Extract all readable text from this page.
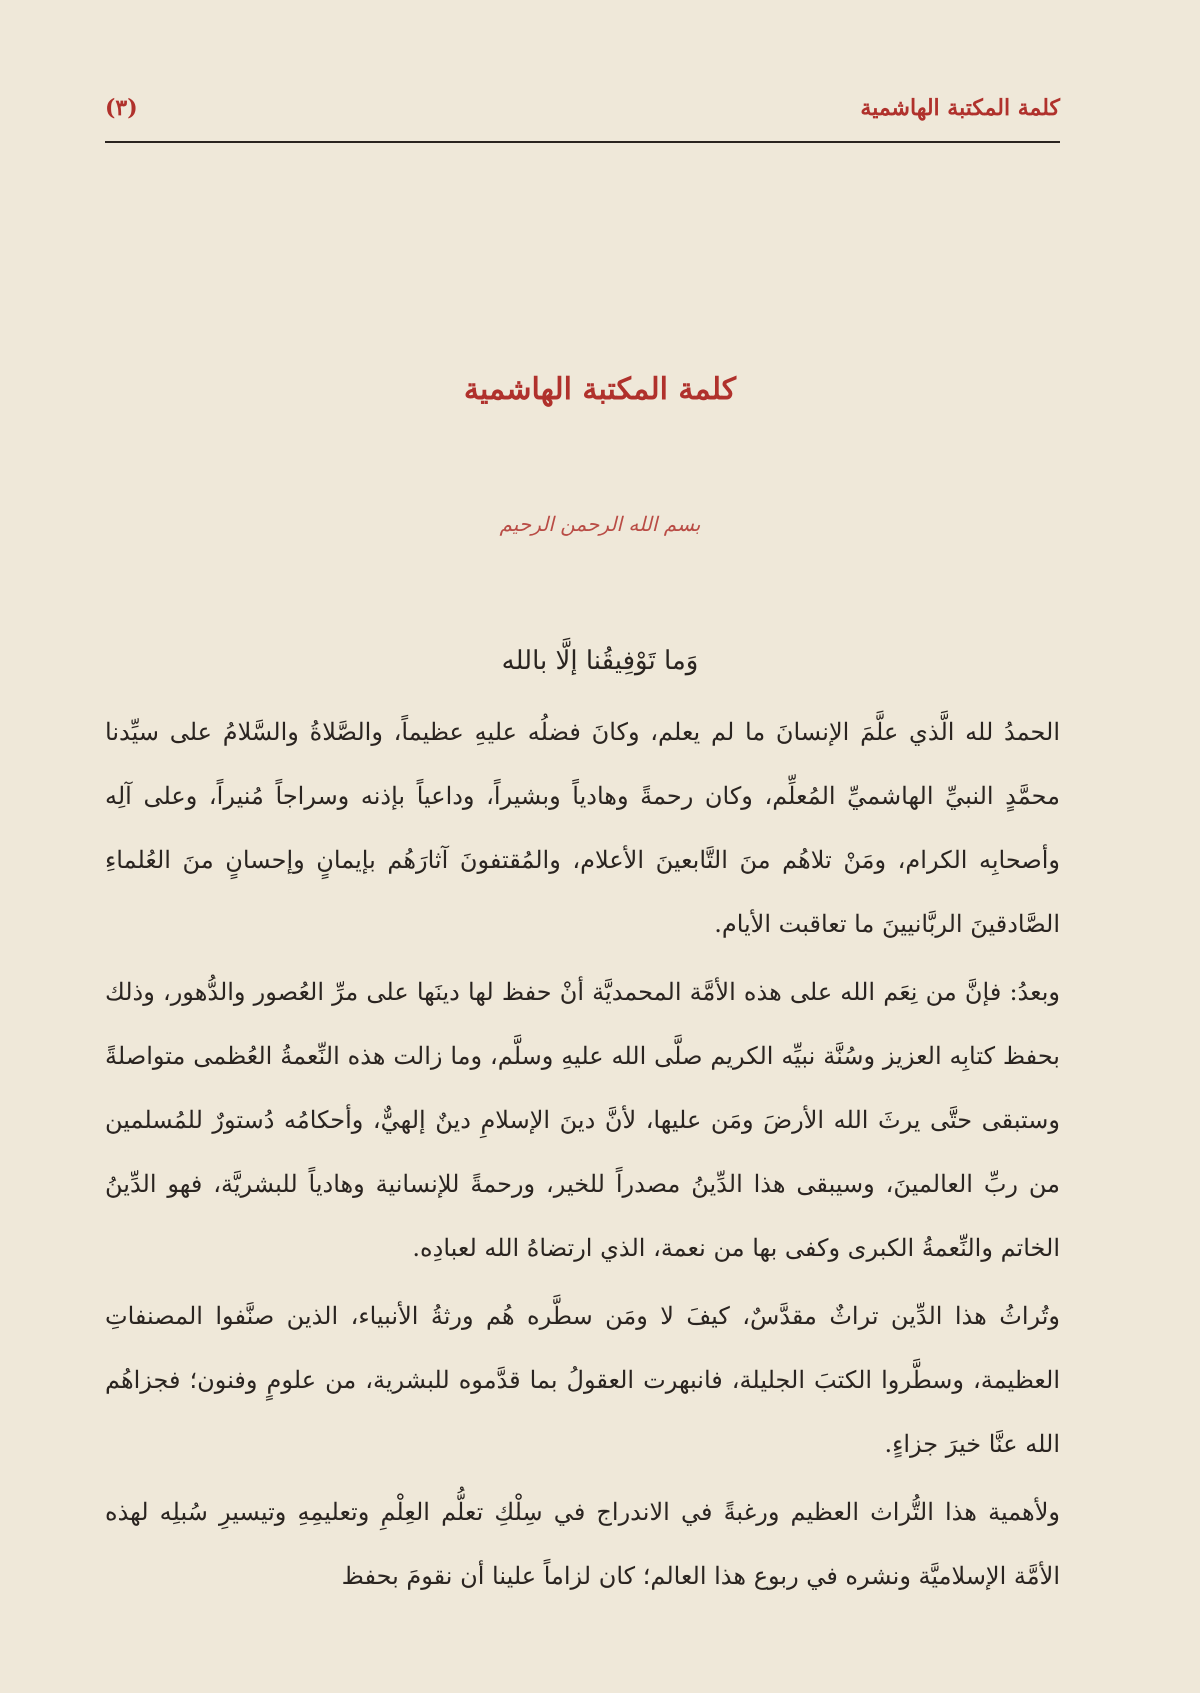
كلمة المكتبة الهاشمية
(٣)
كلمة المكتبة الهاشمية
بسم الله الرحمن الرحيم
وَما تَوْفِيقُنا إلَّا بالله

الحمدُ لله الَّذي علَّمَ الإنسانَ ما لم يعلم، وكانَ فضلُه عليهِ عظيماً، والصَّلاةُ والسَّلامُ على سيِّدنا محمَّدٍ النبيِّ الهاشميِّ المُعلِّم، وكان رحمةً وهادياً وبشيراً، وداعياً بإذنه وسراجاً مُنيراً، وعلى آلِه وأصحابِه الكرام، ومَنْ تلاهُم منَ التَّابعينَ الأعلام، والمُقتفونَ آثارَهُم بإيمانٍ وإحسانٍ منَ العُلماءِ الصَّادقينَ الربَّانيينَ ما تعاقبت الأيام.

وبعدُ: فإنَّ من نِعَم الله على هذه الأمَّة المحمديَّة أنْ حفظ لها دينَها على مرِّ العُصور والدُّهور، وذلك بحفظ كتابِه العزيز وسُنَّة نبيِّه الكريم صلَّى الله عليهِ وسلَّم، وما زالت هذه النِّعمةُ العُظمى متواصلةً وستبقى حتَّى يرثَ الله الأرضَ ومَن عليها، لأنَّ دينَ الإسلامِ دينٌ إلهيٌّ، وأحكامُه دُستورٌ للمُسلمين من ربِّ العالمينَ، وسيبقى هذا الدِّينُ مصدراً للخير، ورحمةً للإنسانية وهادياً للبشريَّة، فهو الدِّينُ الخاتم والنِّعمةُ الكبرى وكفى بها من نعمة، الذي ارتضاهُ الله لعبادِه.

وتُراثُ هذا الدِّين تراثٌ مقدَّسٌ، كيفَ لا ومَن سطَّره هُم ورثةُ الأنبياء، الذين صنَّفوا المصنفاتِ العظيمة، وسطَّروا الكتبَ الجليلة، فانبهرت العقولُ بما قدَّموه للبشرية، من علومٍ وفنون؛ فجزاهُم الله عنَّا خيرَ جزاءٍ.

ولأهمية هذا التُّراث العظيم ورغبةً في الاندراج في سِلْكِ تعلُّم العِلْمِ وتعليمِهِ وتيسيرِ سُبلِه لهذه الأمَّة الإسلاميَّة ونشره في ربوع هذا العالم؛ كان لزاماً علينا أن نقومَ بحفظ
